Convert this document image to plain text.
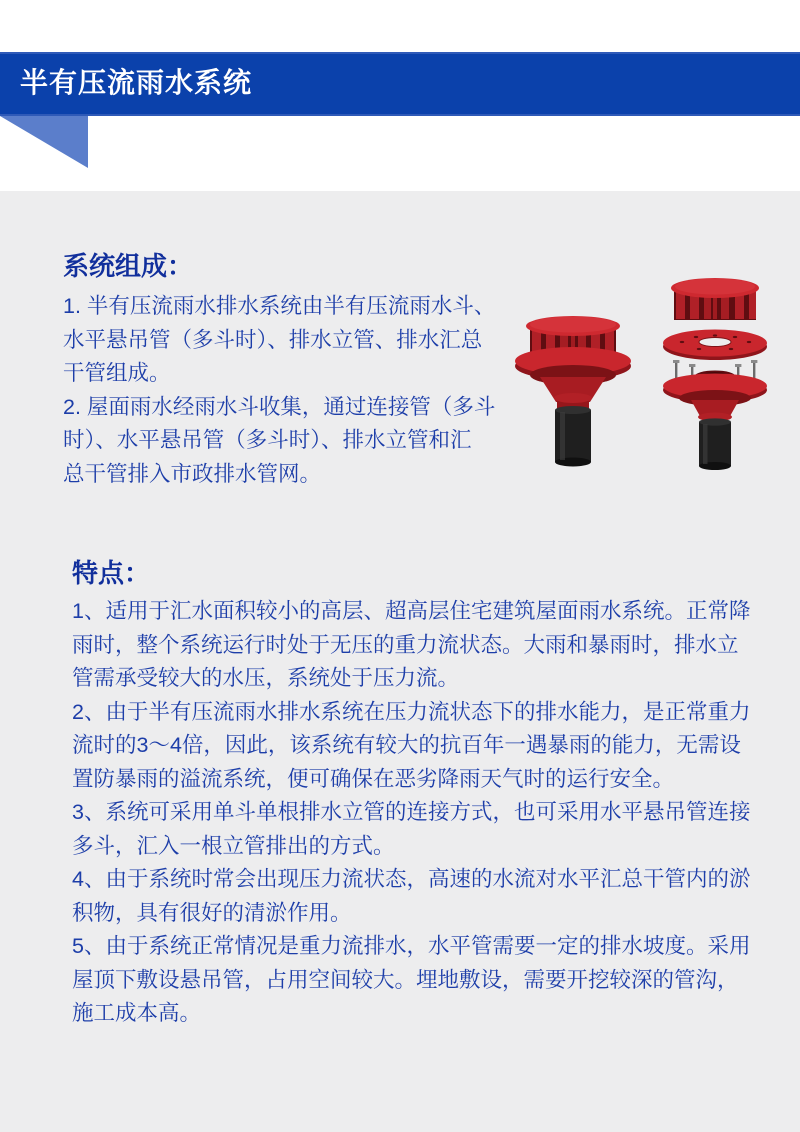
半有压流雨水系统
系统组成：
1. 半有压流雨水排水系统由半有压流雨水斗、
水平悬吊管（多斗时）、排水立管、排水汇总
干管组成。
2. 屋面雨水经雨水斗收集，通过连接管（多斗
时）、水平悬吊管（多斗时）、排水立管和汇
总干管排入市政排水管网。
特点：
1、适用于汇水面积较小的高层、超高层住宅建筑屋面雨水系统。正常降
雨时，整个系统运行时处于无压的重力流状态。大雨和暴雨时，排水立
管需承受较大的水压，系统处于压力流。
2、由于半有压流雨水排水系统在压力流状态下的排水能力，是正常重力
流时的3～4倍，因此，该系统有较大的抗百年一遇暴雨的能力，无需设
置防暴雨的溢流系统，便可确保在恶劣降雨天气时的运行安全。
3、系统可采用单斗单根排水立管的连接方式，也可采用水平悬吊管连接
多斗，汇入一根立管排出的方式。
4、由于系统时常会出现压力流状态，高速的水流对水平汇总干管内的淤
积物，具有很好的清淤作用。
5、由于系统正常情况是重力流排水，水平管需要一定的排水坡度。采用
屋顶下敷设悬吊管，占用空间较大。埋地敷设，需要开挖较深的管沟，
施工成本高。
